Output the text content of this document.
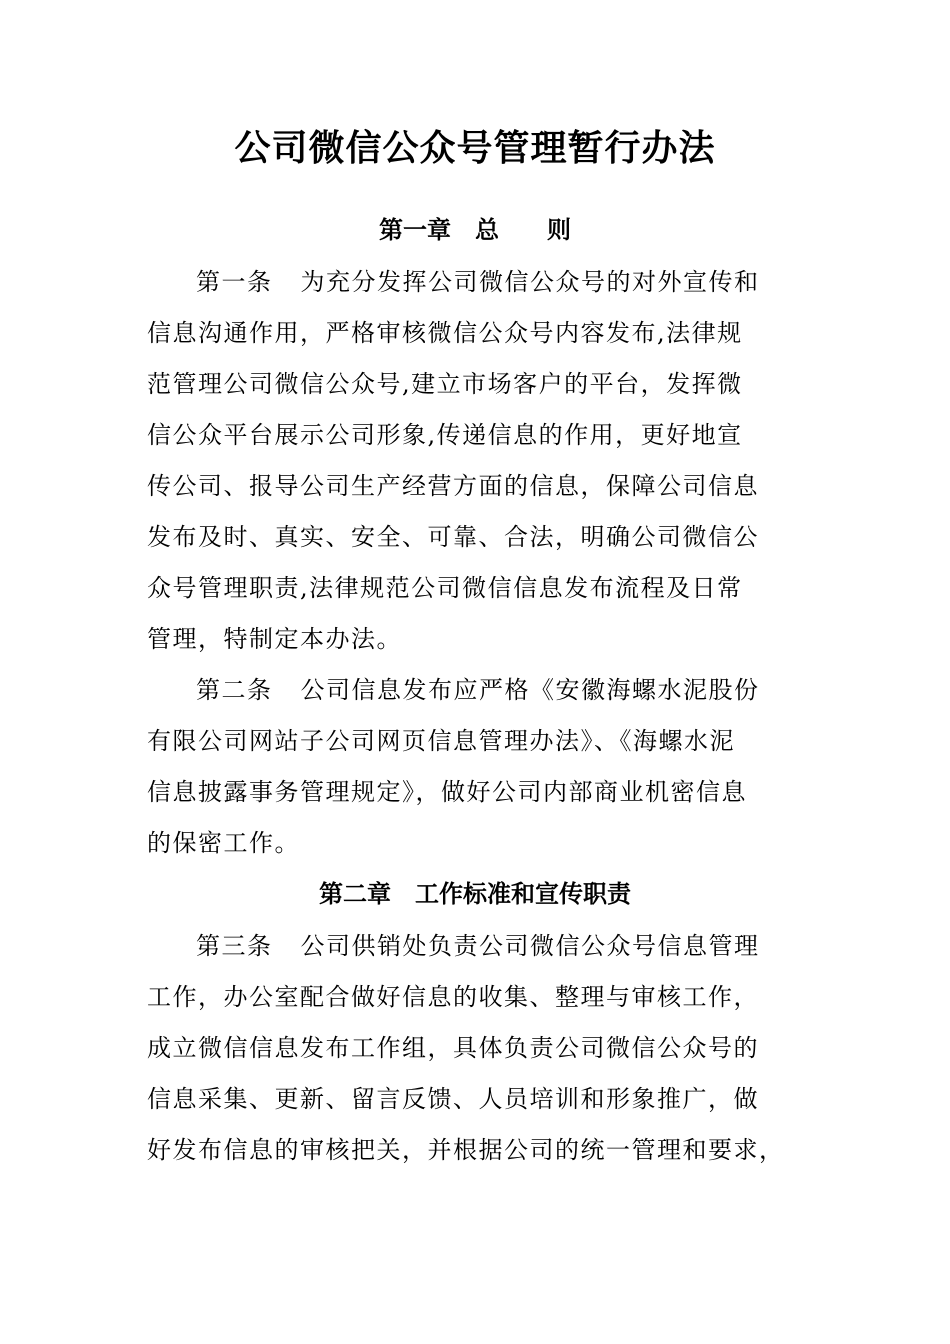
公司微信公众号管理暂行办法
第一章 总 则
第一条 为充分发挥公司微信公众号的对外宣传和
信息沟通作用，严格审核微信公众号内容发布,法律规
范管理公司微信公众号,建立市场客户的平台，发挥微
信公众平台展示公司形象,传递信息的作用，更好地宣
传公司、报导公司生产经营方面的信息，保障公司信息
发布及时、真实、安全、可靠、合法，明确公司微信公
众号管理职责,法律规范公司微信信息发布流程及日常
管理，特制定本办法。
第二条 公司信息发布应严格《安徽海螺水泥股份
有限公司网站子公司网页信息管理办法》、《海螺水泥
信息披露事务管理规定》，做好公司内部商业机密信息
的保密工作。
第二章 工作标准和宣传职责
第三条 公司供销处负责公司微信公众号信息管理
工作，办公室配合做好信息的收集、整理与审核工作，
成立微信信息发布工作组，具体负责公司微信公众号的
信息采集、更新、留言反馈、人员培训和形象推广，做
好发布信息的审核把关，并根据公司的统一管理和要求，
